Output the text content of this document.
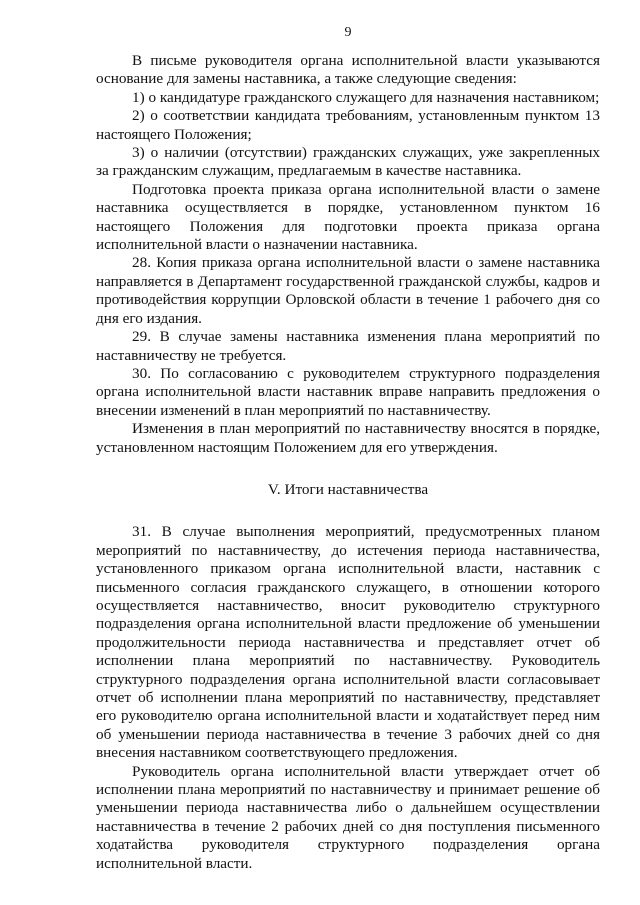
9

В письме руководителя органа исполнительной власти указываются основание для замены наставника, а также следующие сведения:

1) о кандидатуре гражданского служащего для назначения наставником;

2) о соответствии кандидата требованиям, установленным пунктом 13 настоящего Положения;

3) о наличии (отсутствии) гражданских служащих, уже закрепленных за гражданским служащим, предлагаемым в качестве наставника.

Подготовка проекта приказа органа исполнительной власти о замене наставника осуществляется в порядке, установленном пунктом 16 настоящего Положения для подготовки проекта приказа органа исполнительной власти о назначении наставника.

28. Копия приказа органа исполнительной власти о замене наставника направляется в Департамент государственной гражданской службы, кадров и противодействия коррупции Орловской области в течение 1 рабочего дня со дня его издания.

29. В случае замены наставника изменения плана мероприятий по наставничеству не требуется.

30. По согласованию с руководителем структурного подразделения органа исполнительной власти наставник вправе направить предложения о внесении изменений в план мероприятий по наставничеству.

Изменения в план мероприятий по наставничеству вносятся в порядке, установленном настоящим Положением для его утверждения.

V. Итоги наставничества

31. В случае выполнения мероприятий, предусмотренных планом мероприятий по наставничеству, до истечения периода наставничества, установленного приказом органа исполнительной власти, наставник с письменного согласия гражданского служащего, в отношении которого осуществляется наставничество, вносит руководителю структурного подразделения органа исполнительной власти предложение об уменьшении продолжительности периода наставничества и представляет отчет об исполнении плана мероприятий по наставничеству. Руководитель структурного подразделения органа исполнительной власти согласовывает отчет об исполнении плана мероприятий по наставничеству, представляет его руководителю органа исполнительной власти и ходатайствует перед ним об уменьшении периода наставничества в течение 3 рабочих дней со дня внесения наставником соответствующего предложения.

Руководитель органа исполнительной власти утверждает отчет об исполнении плана мероприятий по наставничеству и принимает решение об уменьшении периода наставничества либо о дальнейшем осуществлении наставничества в течение 2 рабочих дней со дня поступления письменного ходатайства руководителя структурного подразделения органа исполнительной власти.
